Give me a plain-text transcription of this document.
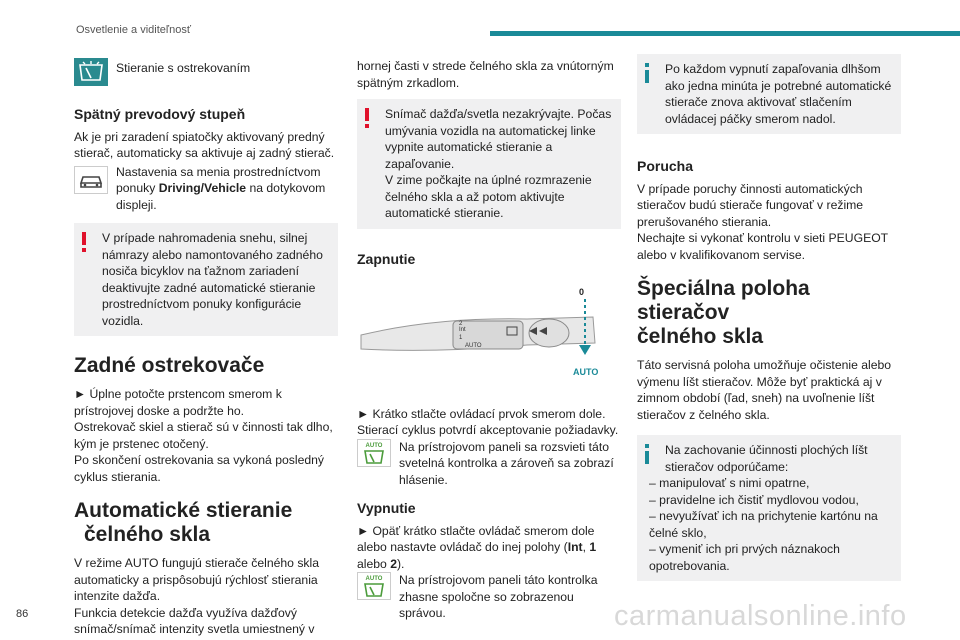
Osvetlenie a viditeľnosť

Stieranie s ostrekovaním

Spätný prevodový stupeň

Ak je pri zaradení spiatočky aktivovaný predný stierač, automaticky sa aktivuje aj zadný stierač.

Nastavenia sa menia prostredníctvom ponuky Driving/Vehicle na dotykovom displeji.

V prípade nahromadenia snehu, silnej námrazy alebo namontovaného zadného nosiča bicyklov na ťažnom zariadení deaktivujte zadné automatické stieranie prostredníctvom ponuky konfigurácie vozidla.

Zadné ostrekovače

► Úplne potočte prstencom smerom k prístrojovej doske a podržte ho.

Ostrekovač skiel a stierač sú v činnosti tak dlho, kým je prstenec otočený.

Po skončení ostrekovania sa vykoná posledný cyklus stierania.

Automatické stieranie
čelného skla

V režime AUTO fungujú stierače čelného skla automaticky a prispôsobujú rýchlosť stierania intenzite dažďa.

Funkcia detekcie dažďa využíva dažďový snímač/snímač intenzity svetla umiestnený v

hornej časti v strede čelného skla za vnútorným spätným zrkadlom.

Snímač dažďa/svetla nezakrývajte. Počas umývania vozidla na automatickej linke vypnite automatické stieranie a zapaľovanie.
V zime počkajte na úplné rozmrazenie čelného skla a až potom aktivujte automatické stieranie.

Zapnutie
Int
1
2
AUTO
0
AUTO

► Krátko stlačte ovládací prvok smerom dole.

Stierací cyklus potvrdí akceptovanie požiadavky.

AUTO Na prístrojovom paneli sa rozsvieti táto svetelná kontrolka a zároveň sa zobrazí hlásenie.

Vypnutie

► Opäť krátko stlačte ovládač smerom dole alebo nastavte ovládač do inej polohy (Int, 1 alebo 2).

AUTO Na prístrojovom paneli táto kontrolka zhasne spoločne so zobrazenou správou.

Po každom vypnutí zapaľovania dlhšom ako jedna minúta je potrebné automatické stierače znova aktivovať stlačením ovládacej páčky smerom nadol.

Porucha

V prípade poruchy činnosti automatických stieračov budú stierače fungovať v režime prerušovaného stierania.

Nechajte si vykonať kontrolu v sieti PEUGEOT alebo v kvalifikovanom servise.

Špeciálna poloha stieračov
čelného skla

Táto servisná poloha umožňuje očistenie alebo výmenu líšt stieračov. Môže byť praktická aj v zimnom období (ľad, sneh) na uvoľnenie líšt stieračov z čelného skla.

Na zachovanie účinnosti plochých líšt stieračov odporúčame:

– manipulovať s nimi opatrne,
– pravidelne ich čistiť mydlovou vodou,
– nevyužívať ich na prichytenie kartónu na čelné sklo,
– vymeniť ich pri prvých náznakoch opotrebovania.
86	carmanualsonline.info
